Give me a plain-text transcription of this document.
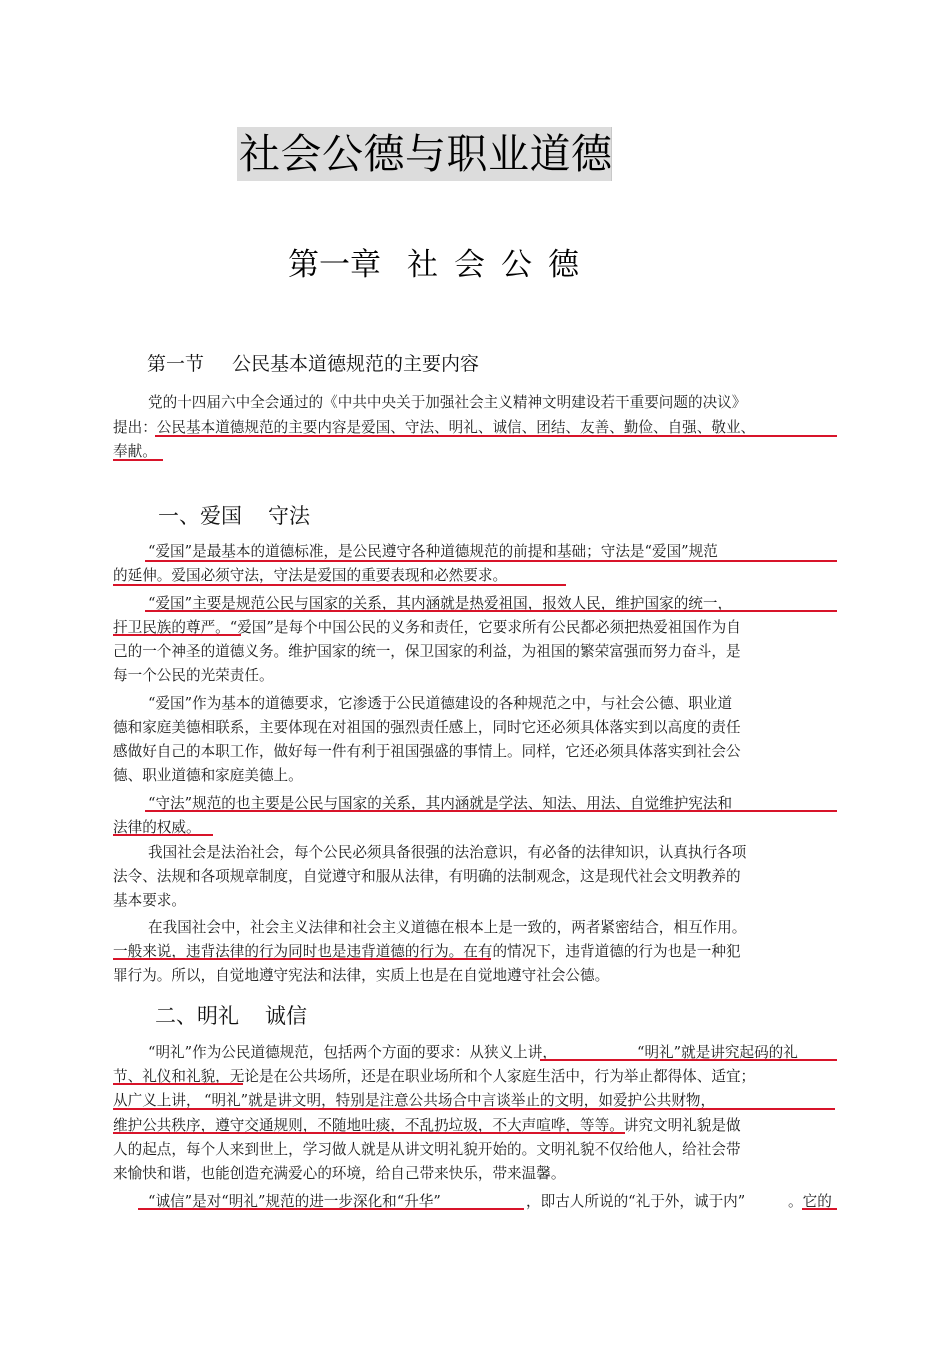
社会公德与职业道德
第一章 社 会 公 德
第一节 公民基本道德规范的主要内容
党的十四届六中全会通过的《中共中央关于加强社会主义精神文明建设若干重要问题的决议》
提出：公民基本道德规范的主要内容是爱国、守法、明礼、诚信、团结、友善、勤俭、自强、敬业、
奉献。
一、爱国 守法
“爱国”是最基本的道德标准，是公民遵守各种道德规范的前提和基础；守法是“爱国”规范
的延伸。爱国必须守法，守法是爱国的重要表现和必然要求。
“爱国”主要是规范公民与国家的关系，其内涵就是热爱祖国，报效人民，维护国家的统一，
扞卫民族的尊严。“爱国”是每个中国公民的义务和责任，它要求所有公民都必须把热爱祖国作为自
己的一个神圣的道德义务。维护国家的统一，保卫国家的利益，为祖国的繁荣富强而努力奋斗，是
每一个公民的光荣责任。
“爱国”作为基本的道德要求，它渗透于公民道德建设的各种规范之中，与社会公德、职业道
德和家庭美德相联系，主要体现在对祖国的强烈责任感上，同时它还必须具体落实到以高度的责任
感做好自己的本职工作，做好每一件有利于祖国强盛的事情上。同样，它还必须具体落实到社会公
德、职业道德和家庭美德上。
“守法”规范的也主要是公民与国家的关系，其内涵就是学法、知法、用法、自觉维护宪法和
法律的权威。
我国社会是法治社会，每个公民必须具备很强的法治意识，有必备的法律知识，认真执行各项
法令、法规和各项规章制度，自觉遵守和服从法律，有明确的法制观念，这是现代社会文明教养的
基本要求。
在我国社会中，社会主义法律和社会主义道德在根本上是一致的，两者紧密结合，相互作用。
一般来说，违背法律的行为同时也是违背道德的行为。在有的情况下，违背道德的行为也是一种犯
罪行为。所以，自觉地遵守宪法和法律，实质上也是在自觉地遵守社会公德。
二、明礼 诚信
“明礼”作为公民道德规范，包括两个方面的要求：从狭义上讲，	“明礼”就是讲究起码的礼
节、礼仪和礼貌，无论是在公共场所，还是在职业场所和个人家庭生活中，行为举止都得体、适宜；
从广义上讲， “明礼”就是讲文明，特别是注意公共场合中言谈举止的文明，如爱护公共财物，
维护公共秩序，遵守交通规则，不随地吐痰，不乱扔垃圾，不大声喧哗，等等。讲究文明礼貌是做
人的起点，每个人来到世上，学习做人就是从讲文明礼貌开始的。文明礼貌不仅给他人，给社会带
来愉快和谐，也能创造充满爱心的环境，给自己带来快乐，带来温馨。
“诚信”是对“明礼”规范的进一步深化和“升华”	，即古人所说的“礼于外，诚于内”	。它的
